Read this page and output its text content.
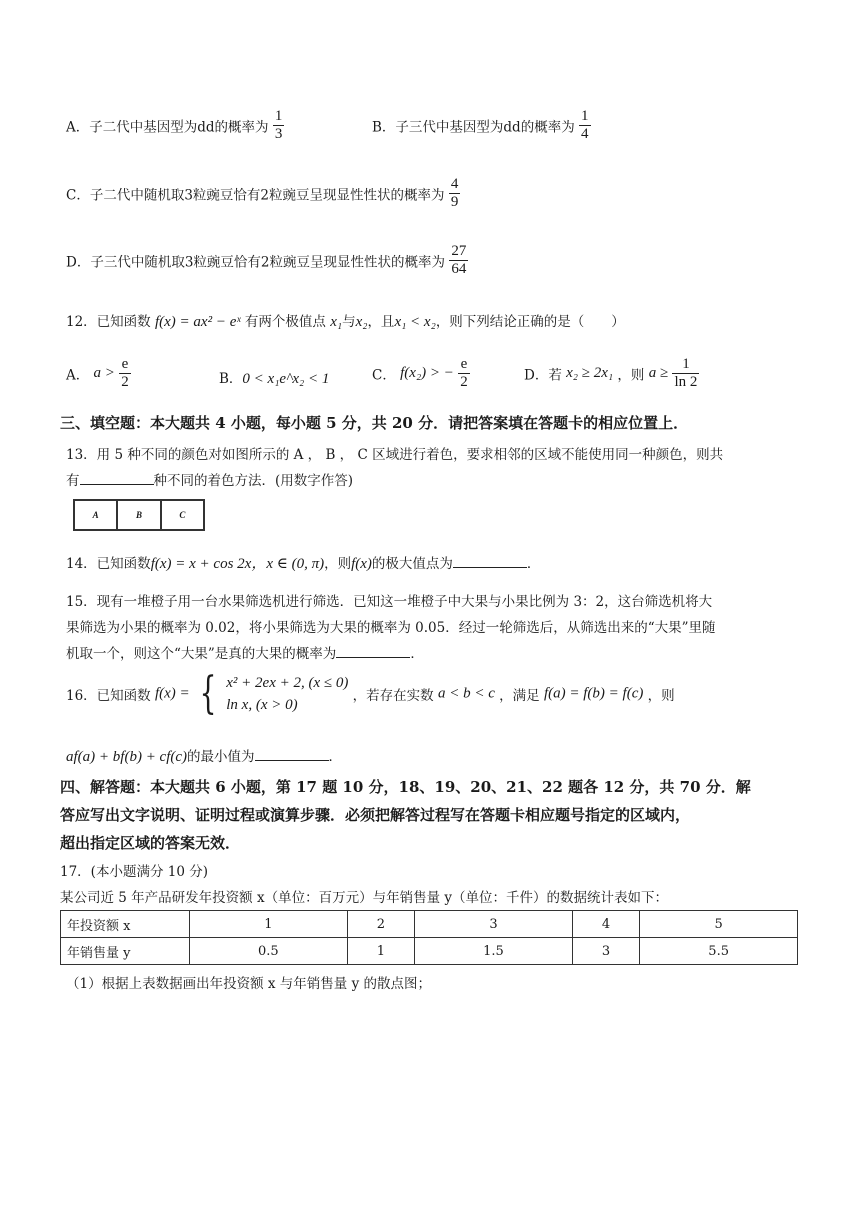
A．子二代中基因型为dd的概率为 $\frac{1}{3}$	B．子三代中基因型为dd的概率为 $\frac{1}{4}$
C．子二代中随机取3粒豌豆恰有2粒豌豆呈现显性性状的概率为 $\frac{4}{9}$
D．子三代中随机取3粒豌豆恰有2粒豌豆呈现显性性状的概率为 $\frac{27}{64}$
12．已知函数 f(x) = ax² − eˣ 有两个极值点 x₁与x₂，且x₁ < x₂，则下列结论正确的是（　　）
A． $a > \frac{e}{2}$	B．0 < x₁e^x₂ < 1	C． f(x₂) > − $\frac{e}{2}$	D．若 x₂ ≥ 2x₁ ，则 $a \ge \frac{1}{\ln 2}$
三、填空题：本大题共 4 小题，每小题 5 分，共 20 分．请把答案填在答题卡的相应位置上．
13．用 5 种不同的颜色对如图所示的 A ， B ， C 区域进行着色，要求相邻的区域不能使用同一种颜色，则共
有	种不同的着色方法．(用数字作答)
A	B	C
14．已知函数f(x) = x + cos 2x，x ∈ (0, π)，则f(x)的极大值点为	．
15．现有一堆橙子用一台水果筛选机进行筛选．已知这一堆橙子中大果与小果比例为 3：2，这台筛选机将大
果筛选为小果的概率为 0.02，将小果筛选为大果的概率为 0.05．经过一轮筛选后，从筛选出来的“大果”里随
机取一个，则这个“大果”是真的大果的概率为	．
16．已知函数 f(x) = { x² + 2ex + 2, (x ≤ 0)
ln x, (x > 0)
，若存在实数 a < b < c ，满足 f(a) = f(b) = f(c) ，则
af(a) + bf(b) + cf(c)的最小值为	．
四、解答题：本大题共 6 小题，第 17 题 10 分，18、19、20、21、22 题各 12 分，共 70 分．解
答应写出文字说明、证明过程或演算步骤．必须把解答过程写在答题卡相应题号指定的区域内，
超出指定区域的答案无效．
17．(本小题满分 10 分)
某公司近 5 年产品研发年投资额 x（单位：百万元）与年销售量 y（单位：千件）的数据统计表如下：
年投资额 x	1	2	3	4	5
年销售量 y	0.5	1	1.5	3	5.5
（1）根据上表数据画出年投资额 x 与年销售量 y 的散点图；
